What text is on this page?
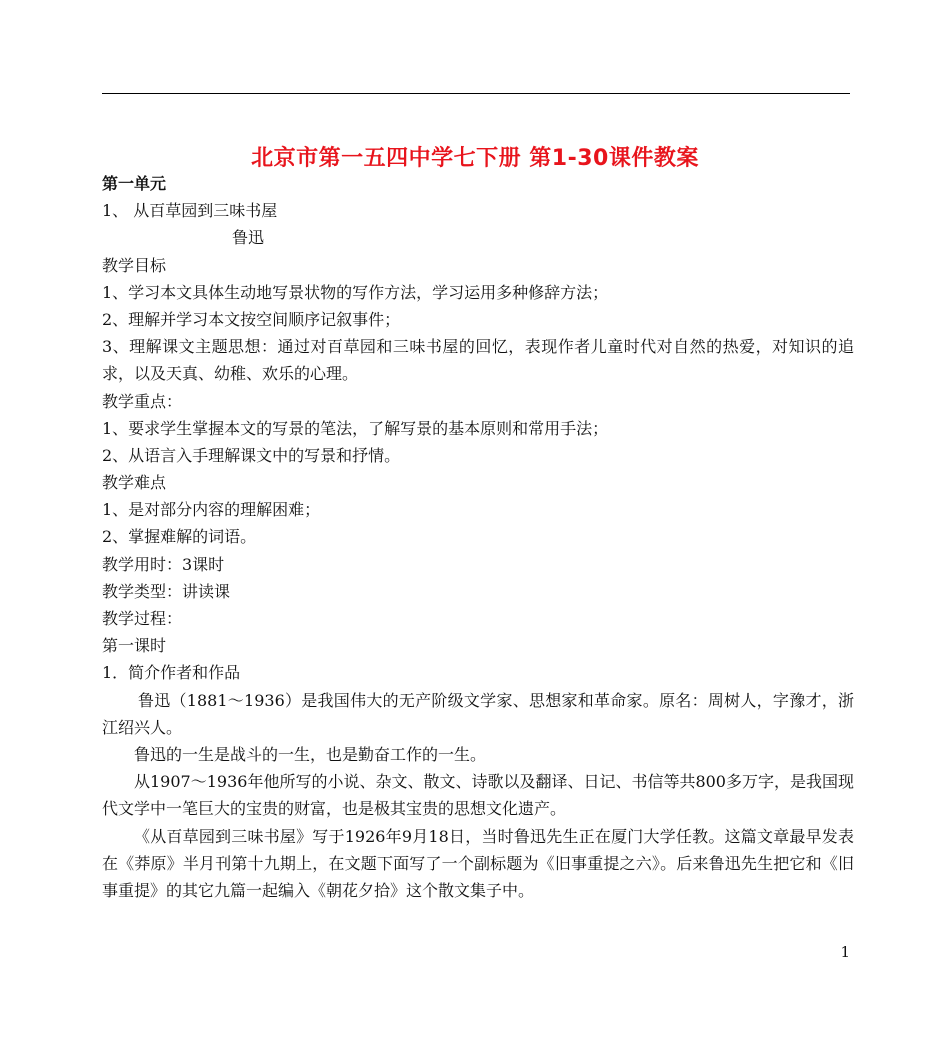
北京市第一五四中学七下册 第1-30课件教案
第一单元
1、 从百草园到三味书屋
鲁迅
教学目标
1、学习本文具体生动地写景状物的写作方法，学习运用多种修辞方法；
2、理解并学习本文按空间顺序记叙事件；
3、理解课文主题思想：通过对百草园和三味书屋的回忆，表现作者儿童时代对自然的热爱，对知识的追求，以及天真、幼稚、欢乐的心理。
教学重点：
1、要求学生掌握本文的写景的笔法，了解写景的基本原则和常用手法；
2、从语言入手理解课文中的写景和抒情。
教学难点
1、是对部分内容的理解困难；
2、掌握难解的词语。
教学用时：3课时
教学类型：讲读课
教学过程：
第一课时
1．简介作者和作品
鲁迅（1881～1936）是我国伟大的无产阶级文学家、思想家和革命家。原名：周树人，字豫才，浙江绍兴人。
鲁迅的一生是战斗的一生，也是勤奋工作的一生。
从1907～1936年他所写的小说、杂文、散文、诗歌以及翻译、日记、书信等共800多万字，是我国现代文学中一笔巨大的宝贵的财富，也是极其宝贵的思想文化遗产。
《从百草园到三味书屋》写于1926年9月18日，当时鲁迅先生正在厦门大学任教。这篇文章最早发表在《莽原》半月刊第十九期上，在文题下面写了一个副标题为《旧事重提之六》。后来鲁迅先生把它和《旧事重提》的其它九篇一起编入《朝花夕拾》这个散文集子中。
1
